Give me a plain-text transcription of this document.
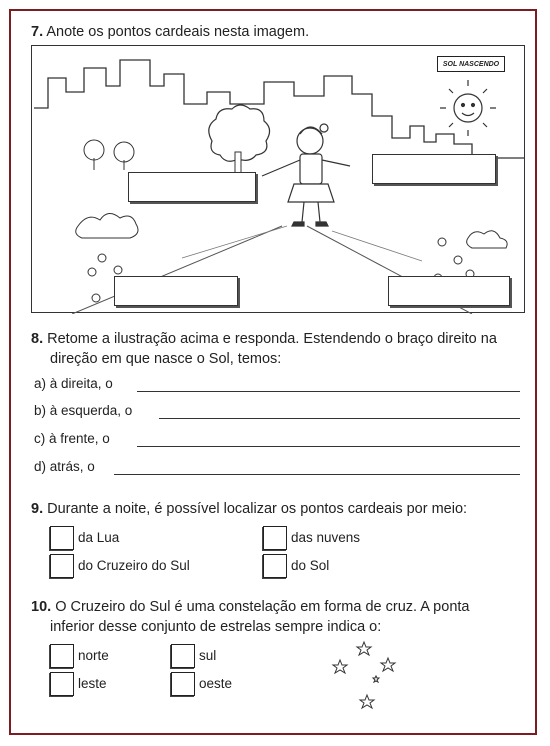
7. Anote os pontos cardeais nesta imagem.
SOL NASCENDO
8. Retome a ilustração acima e responda. Estendendo o braço direito na
direção em que nasce o Sol, temos:
a) à direita, o
b) à esquerda, o
c) à frente, o
d) atrás, o
9. Durante a noite, é possível localizar os pontos cardeais por meio:
da Lua	das nuvens
do Cruzeiro do Sul	do Sol
10. O Cruzeiro do Sul é uma constelação em forma de cruz. A ponta
inferior desse conjunto de estrelas sempre indica o:
norte	sul
leste	oeste
